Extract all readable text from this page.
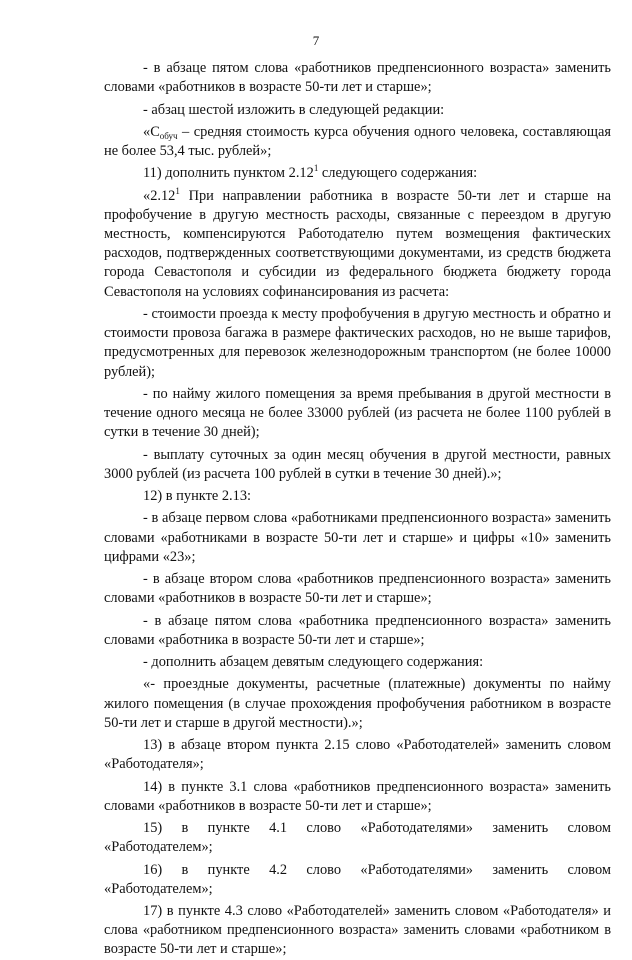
7

- в абзаце пятом слова «работников предпенсионного возраста» заменить словами «работников в возрасте 50-ти лет и старше»;

- абзац шестой изложить в следующей редакции:

«$С_{обуч}$ – средняя стоимость курса обучения одного человека, составляющая не более 53,4 тыс. рублей»;

11) дополнить пунктом 2.12$^1$ следующего содержания:

«2.12$^1$ При направлении работника в возрасте 50-ти лет и старше на профобучение в другую местность расходы, связанные с переездом в другую местность, компенсируются Работодателю путем возмещения фактических расходов, подтвержденных соответствующими документами, из средств бюджета города Севастополя и субсидии из федерального бюджета бюджету города Севастополя на условиях софинансирования из расчета:

- стоимости проезда к месту профобучения в другую местность и обратно и стоимости провоза багажа в размере фактических расходов, но не выше тарифов, предусмотренных для перевозок железнодорожным транспортом (не более 10000 рублей);

- по найму жилого помещения за время пребывания в другой местности в течение одного месяца не более 33000 рублей (из расчета не более 1100 рублей в сутки в течение 30 дней);

- выплату суточных за один месяц обучения в другой местности, равных 3000 рублей (из расчета 100 рублей в сутки в течение 30 дней).»;

12) в пункте 2.13:

- в абзаце первом слова «работниками предпенсионного возраста» заменить словами «работниками в возрасте 50-ти лет и старше» и цифры «10» заменить цифрами «23»;

- в абзаце втором слова «работников предпенсионного возраста» заменить словами «работников в возрасте 50-ти лет и старше»;

- в абзаце пятом слова «работника предпенсионного возраста» заменить словами «работника в возрасте 50-ти лет и старше»;

- дополнить абзацем девятым следующего содержания:

«- проездные документы, расчетные (платежные) документы по найму жилого помещения (в случае прохождения профобучения работником в возрасте 50-ти лет и старше в другой местности).»;

13) в абзаце втором пункта 2.15 слово «Работодателей» заменить словом «Работодателя»;

14) в пункте 3.1 слова «работников предпенсионного возраста» заменить словами «работников в возрасте 50-ти лет и старше»;

15) в пункте 4.1 слово «Работодателями» заменить словом «Работодателем»;

16) в пункте 4.2 слово «Работодателями» заменить словом «Работодателем»;

17) в пункте 4.3 слово «Работодателей» заменить словом «Работодателя» и слова «работником предпенсионного возраста» заменить словами «работником в возрасте 50-ти лет и старше»;
